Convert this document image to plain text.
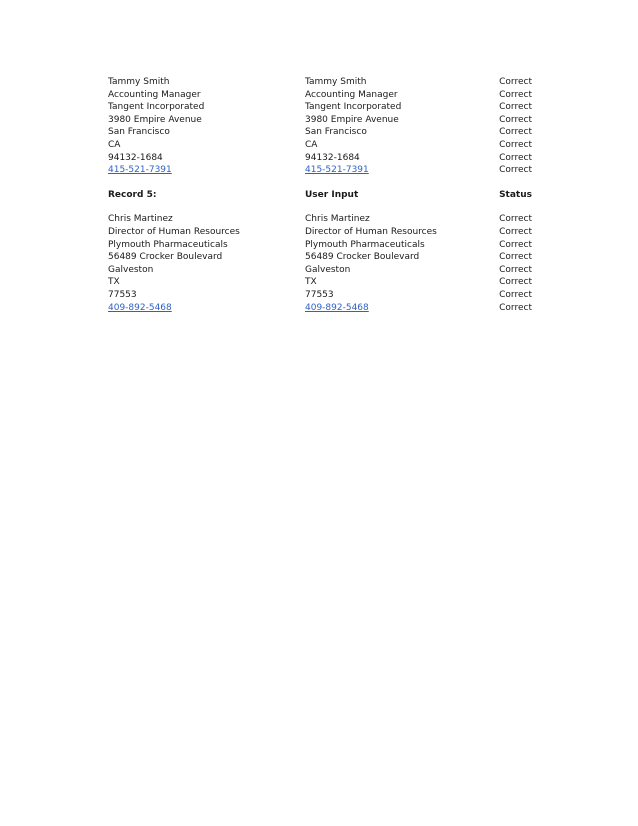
Tammy Smith	Tammy Smith	Correct
Accounting Manager	Accounting Manager	Correct
Tangent Incorporated	Tangent Incorporated	Correct
3980 Empire Avenue	3980 Empire Avenue	Correct
San Francisco	San Francisco	Correct
CA	CA	Correct
94132-1684	94132-1684	Correct
415-521-7391	415-521-7391	Correct
Record 5:	User Input	Status
Chris Martinez	Chris Martinez	Correct
Director of Human Resources	Director of Human Resources	Correct
Plymouth Pharmaceuticals	Plymouth Pharmaceuticals	Correct
56489 Crocker Boulevard	56489 Crocker Boulevard	Correct
Galveston	Galveston	Correct
TX	TX	Correct
77553	77553	Correct
409-892-5468	409-892-5468	Correct
